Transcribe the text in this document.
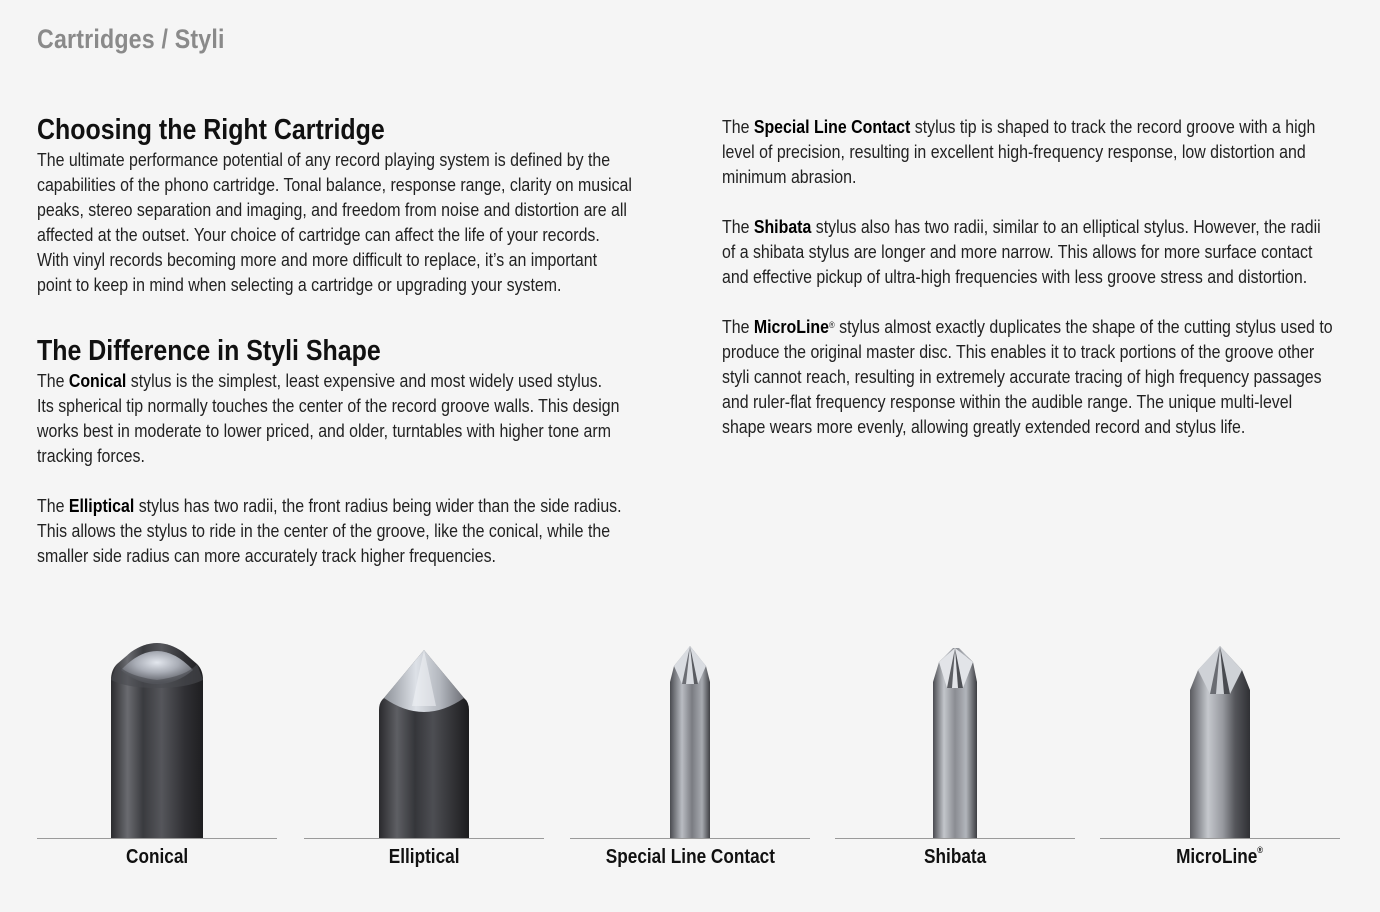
Cartridges / Styli
Choosing the Right Cartridge

The ultimate performance potential of any record playing system is defined by the
capabilities of the phono cartridge. Tonal balance, response range, clarity on musical
peaks, stereo separation and imaging, and freedom from noise and distortion are all
affected at the outset. Your choice of cartridge can affect the life of your records.
With vinyl records becoming more and more difficult to replace, it’s an important
point to keep in mind when selecting a cartridge or upgrading your system.

The Difference in Styli Shape

The Conical stylus is the simplest, least expensive and most widely used stylus.
Its spherical tip normally touches the center of the record groove walls. This design
works best in moderate to lower priced, and older, turntables with higher tone arm
tracking forces.

The Elliptical stylus has two radii, the front radius being wider than the side radius.
This allows the stylus to ride in the center of the groove, like the conical, while the
smaller side radius can more accurately track higher frequencies.

The Special Line Contact stylus tip is shaped to track the record groove with a high
level of precision, resulting in excellent high-frequency response, low distortion and
minimum abrasion.

The Shibata stylus also has two radii, similar to an elliptical stylus. However, the radii
of a shibata stylus are longer and more narrow. This allows for more surface contact
and effective pickup of ultra-high frequencies with less groove stress and distortion.

The MicroLine® stylus almost exactly duplicates the shape of the cutting stylus used to
produce the original master disc. This enables it to track portions of the groove other
styli cannot reach, resulting in extremely accurate tracing of high frequency passages
and ruler-flat frequency response within the audible range. The unique multi-level
shape wears more evenly, allowing greatly extended record and stylus life.

Conical	Elliptical	Special Line Contact	Shibata	MicroLine®
